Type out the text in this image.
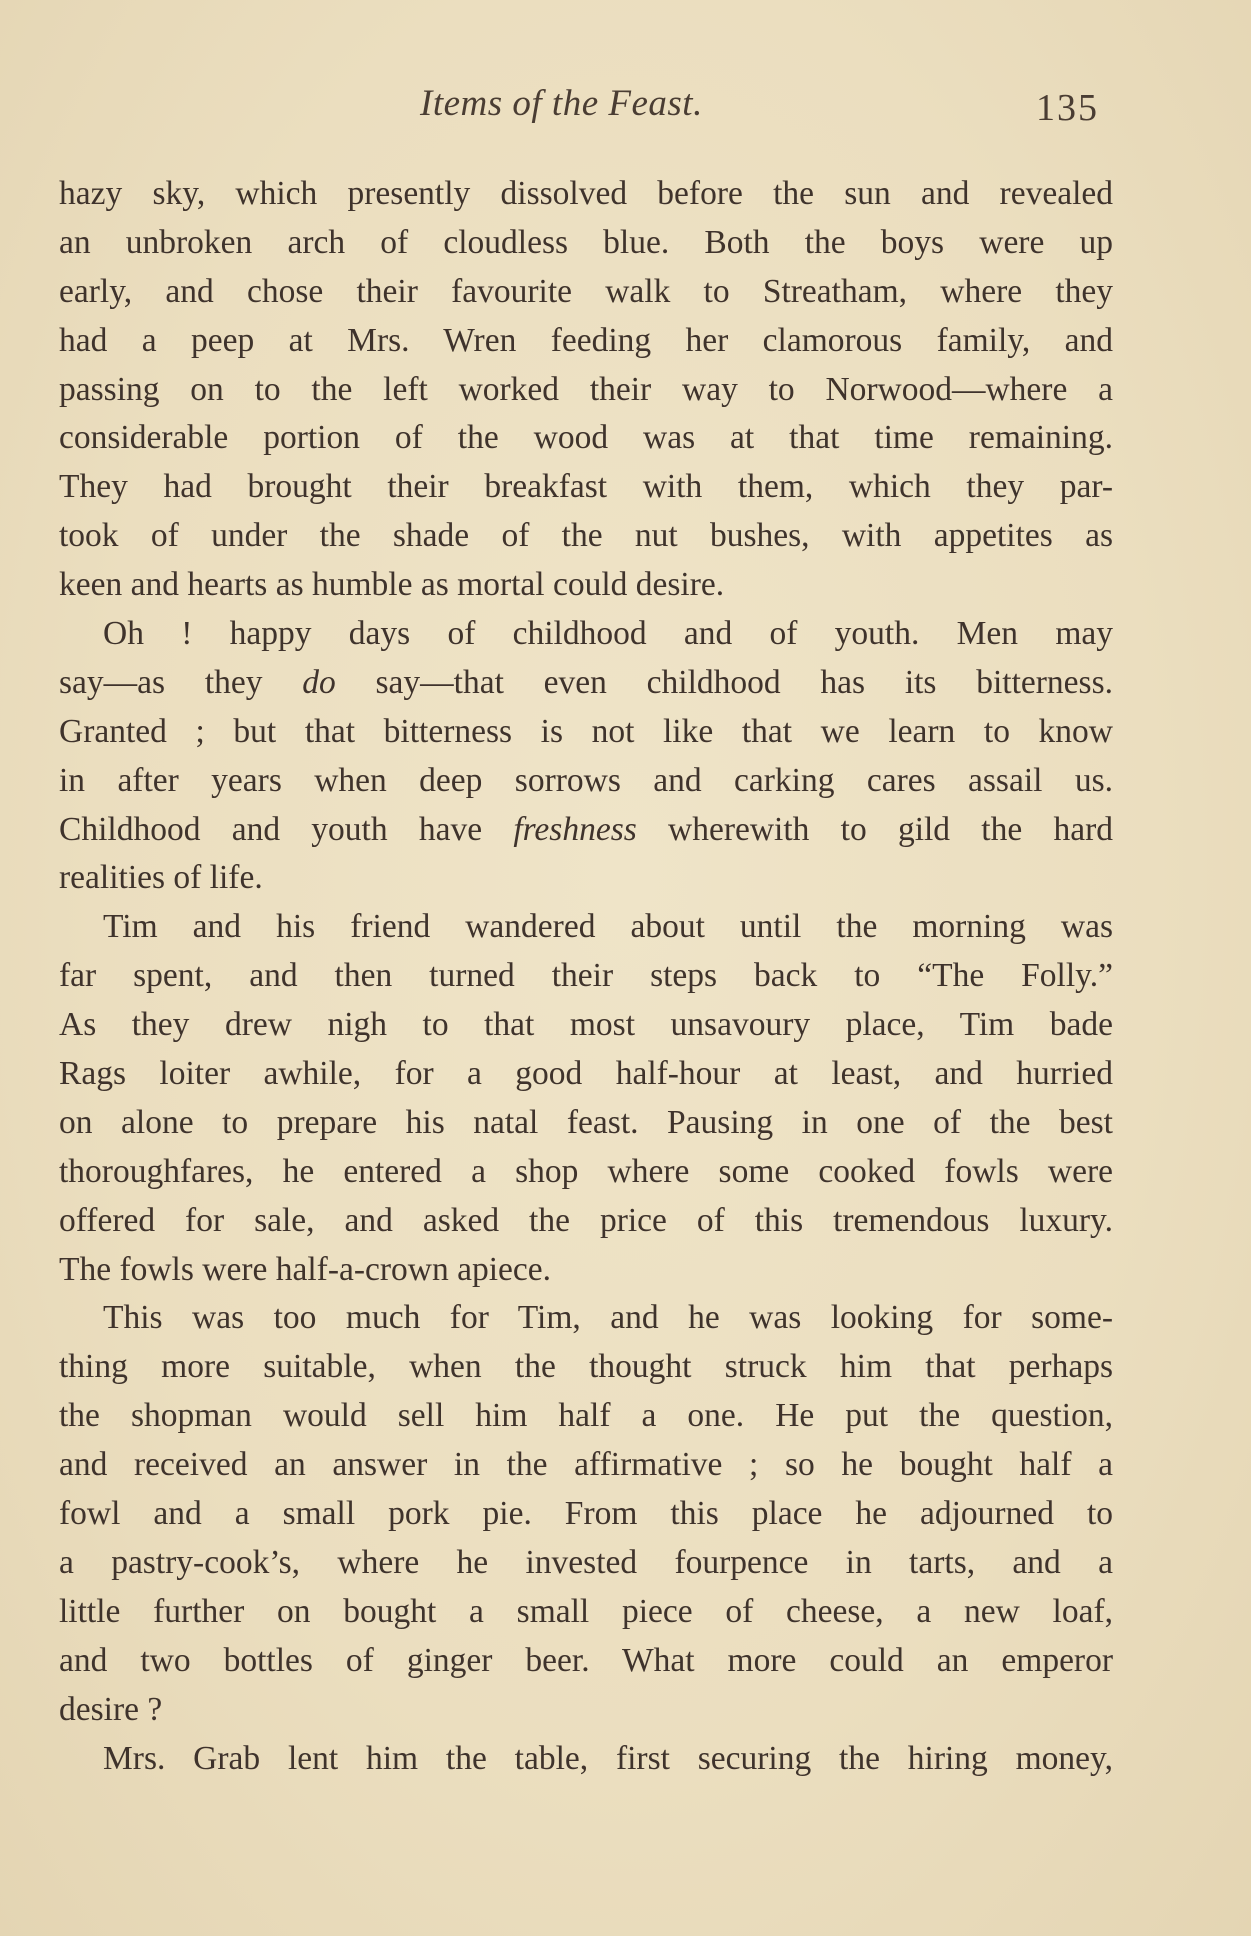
Items of the Feast.	135
hazy sky, which presently dissolved before the sun and revealed
an unbroken arch of cloudless blue. Both the boys were up
early, and chose their favourite walk to Streatham, where they
had a peep at Mrs. Wren feeding her clamorous family, and
passing on to the left worked their way to Norwood—where a
considerable portion of the wood was at that time remaining.
They had brought their breakfast with them, which they par-
took of under the shade of the nut bushes, with appetites as
keen and hearts as humble as mortal could desire.
Oh ! happy days of childhood and of youth. Men may
say—as they do say—that even childhood has its bitterness.
Granted ; but that bitterness is not like that we learn to know
in after years when deep sorrows and carking cares assail us.
Childhood and youth have freshness wherewith to gild the hard
realities of life.
Tim and his friend wandered about until the morning was
far spent, and then turned their steps back to “The Folly.”
As they drew nigh to that most unsavoury place, Tim bade
Rags loiter awhile, for a good half-hour at least, and hurried
on alone to prepare his natal feast. Pausing in one of the best
thoroughfares, he entered a shop where some cooked fowls were
offered for sale, and asked the price of this tremendous luxury.
The fowls were half-a-crown apiece.
This was too much for Tim, and he was looking for some-
thing more suitable, when the thought struck him that perhaps
the shopman would sell him half a one. He put the question,
and received an answer in the affirmative ; so he bought half a
fowl and a small pork pie. From this place he adjourned to
a pastry-cook’s, where he invested fourpence in tarts, and a
little further on bought a small piece of cheese, a new loaf,
and two bottles of ginger beer. What more could an emperor
desire ?
Mrs. Grab lent him the table, first securing the hiring money,
